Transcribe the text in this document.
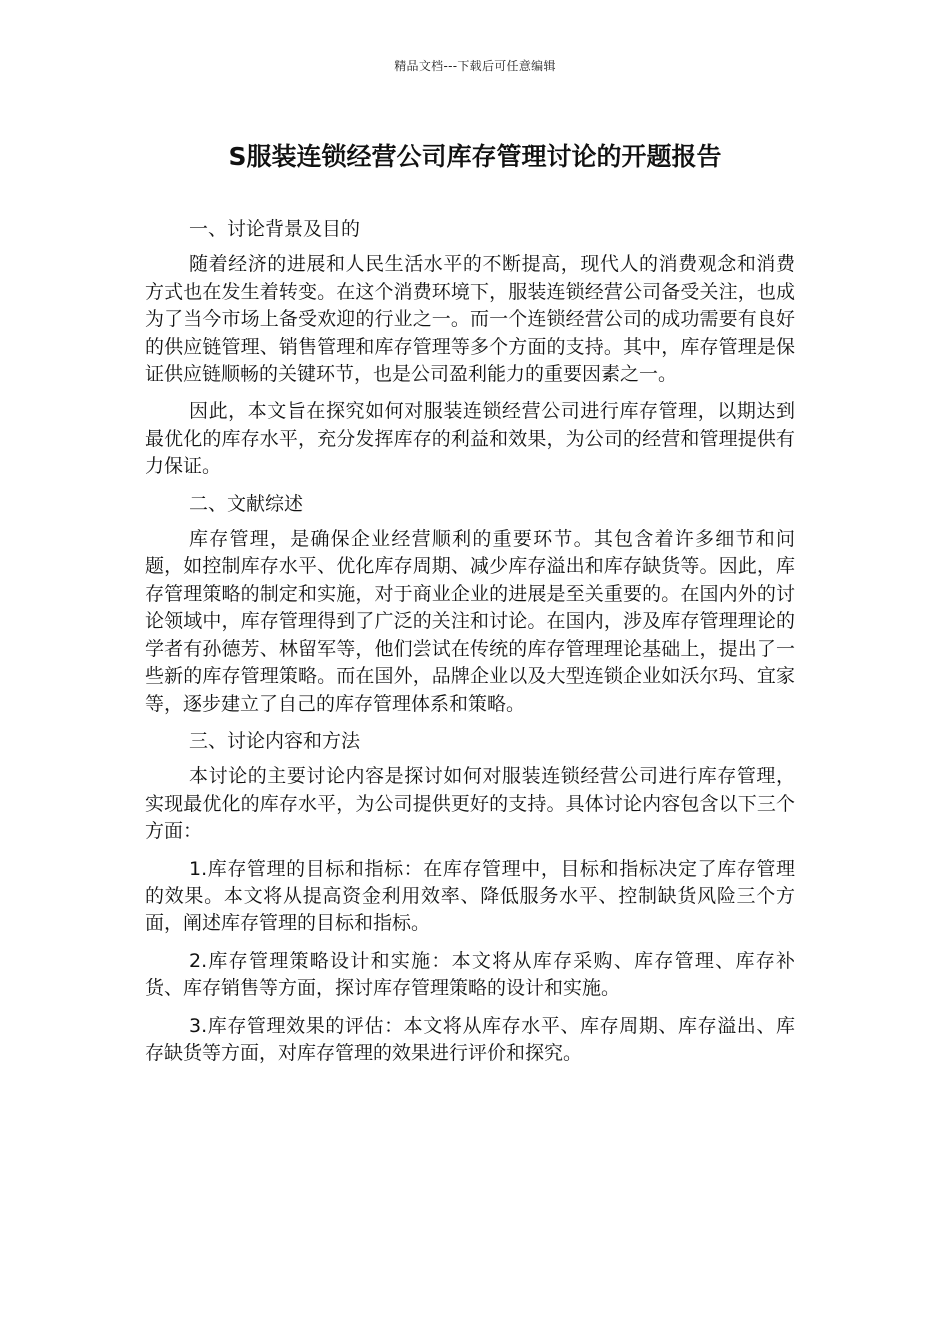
精品文档---下载后可任意编辑
S服装连锁经营公司库存管理讨论的开题报告

一、讨论背景及目的

随着经济的进展和人民生活水平的不断提高，现代人的消费观念和消费方式也在发生着转变。在这个消费环境下，服装连锁经营公司备受关注，也成为了当今市场上备受欢迎的行业之一。而一个连锁经营公司的成功需要有良好的供应链管理、销售管理和库存管理等多个方面的支持。其中，库存管理是保证供应链顺畅的关键环节，也是公司盈利能力的重要因素之一。

因此，本文旨在探究如何对服装连锁经营公司进行库存管理，以期达到最优化的库存水平，充分发挥库存的利益和效果，为公司的经营和管理提供有力保证。

二、文献综述

库存管理，是确保企业经营顺利的重要环节。其包含着许多细节和问题，如控制库存水平、优化库存周期、减少库存溢出和库存缺货等。因此，库存管理策略的制定和实施，对于商业企业的进展是至关重要的。在国内外的讨论领域中，库存管理得到了广泛的关注和讨论。在国内，涉及库存管理理论的学者有孙德芳、林留军等，他们尝试在传统的库存管理理论基础上，提出了一些新的库存管理策略。而在国外，品牌企业以及大型连锁企业如沃尔玛、宜家等，逐步建立了自己的库存管理体系和策略。

三、讨论内容和方法

本讨论的主要讨论内容是探讨如何对服装连锁经营公司进行库存管理，实现最优化的库存水平，为公司提供更好的支持。具体讨论内容包含以下三个方面：

1.库存管理的目标和指标：在库存管理中，目标和指标决定了库存管理的效果。本文将从提高资金利用效率、降低服务水平、控制缺货风险三个方面，阐述库存管理的目标和指标。

2.库存管理策略设计和实施：本文将从库存采购、库存管理、库存补货、库存销售等方面，探讨库存管理策略的设计和实施。

3.库存管理效果的评估：本文将从库存水平、库存周期、库存溢出、库存缺货等方面，对库存管理的效果进行评价和探究。
